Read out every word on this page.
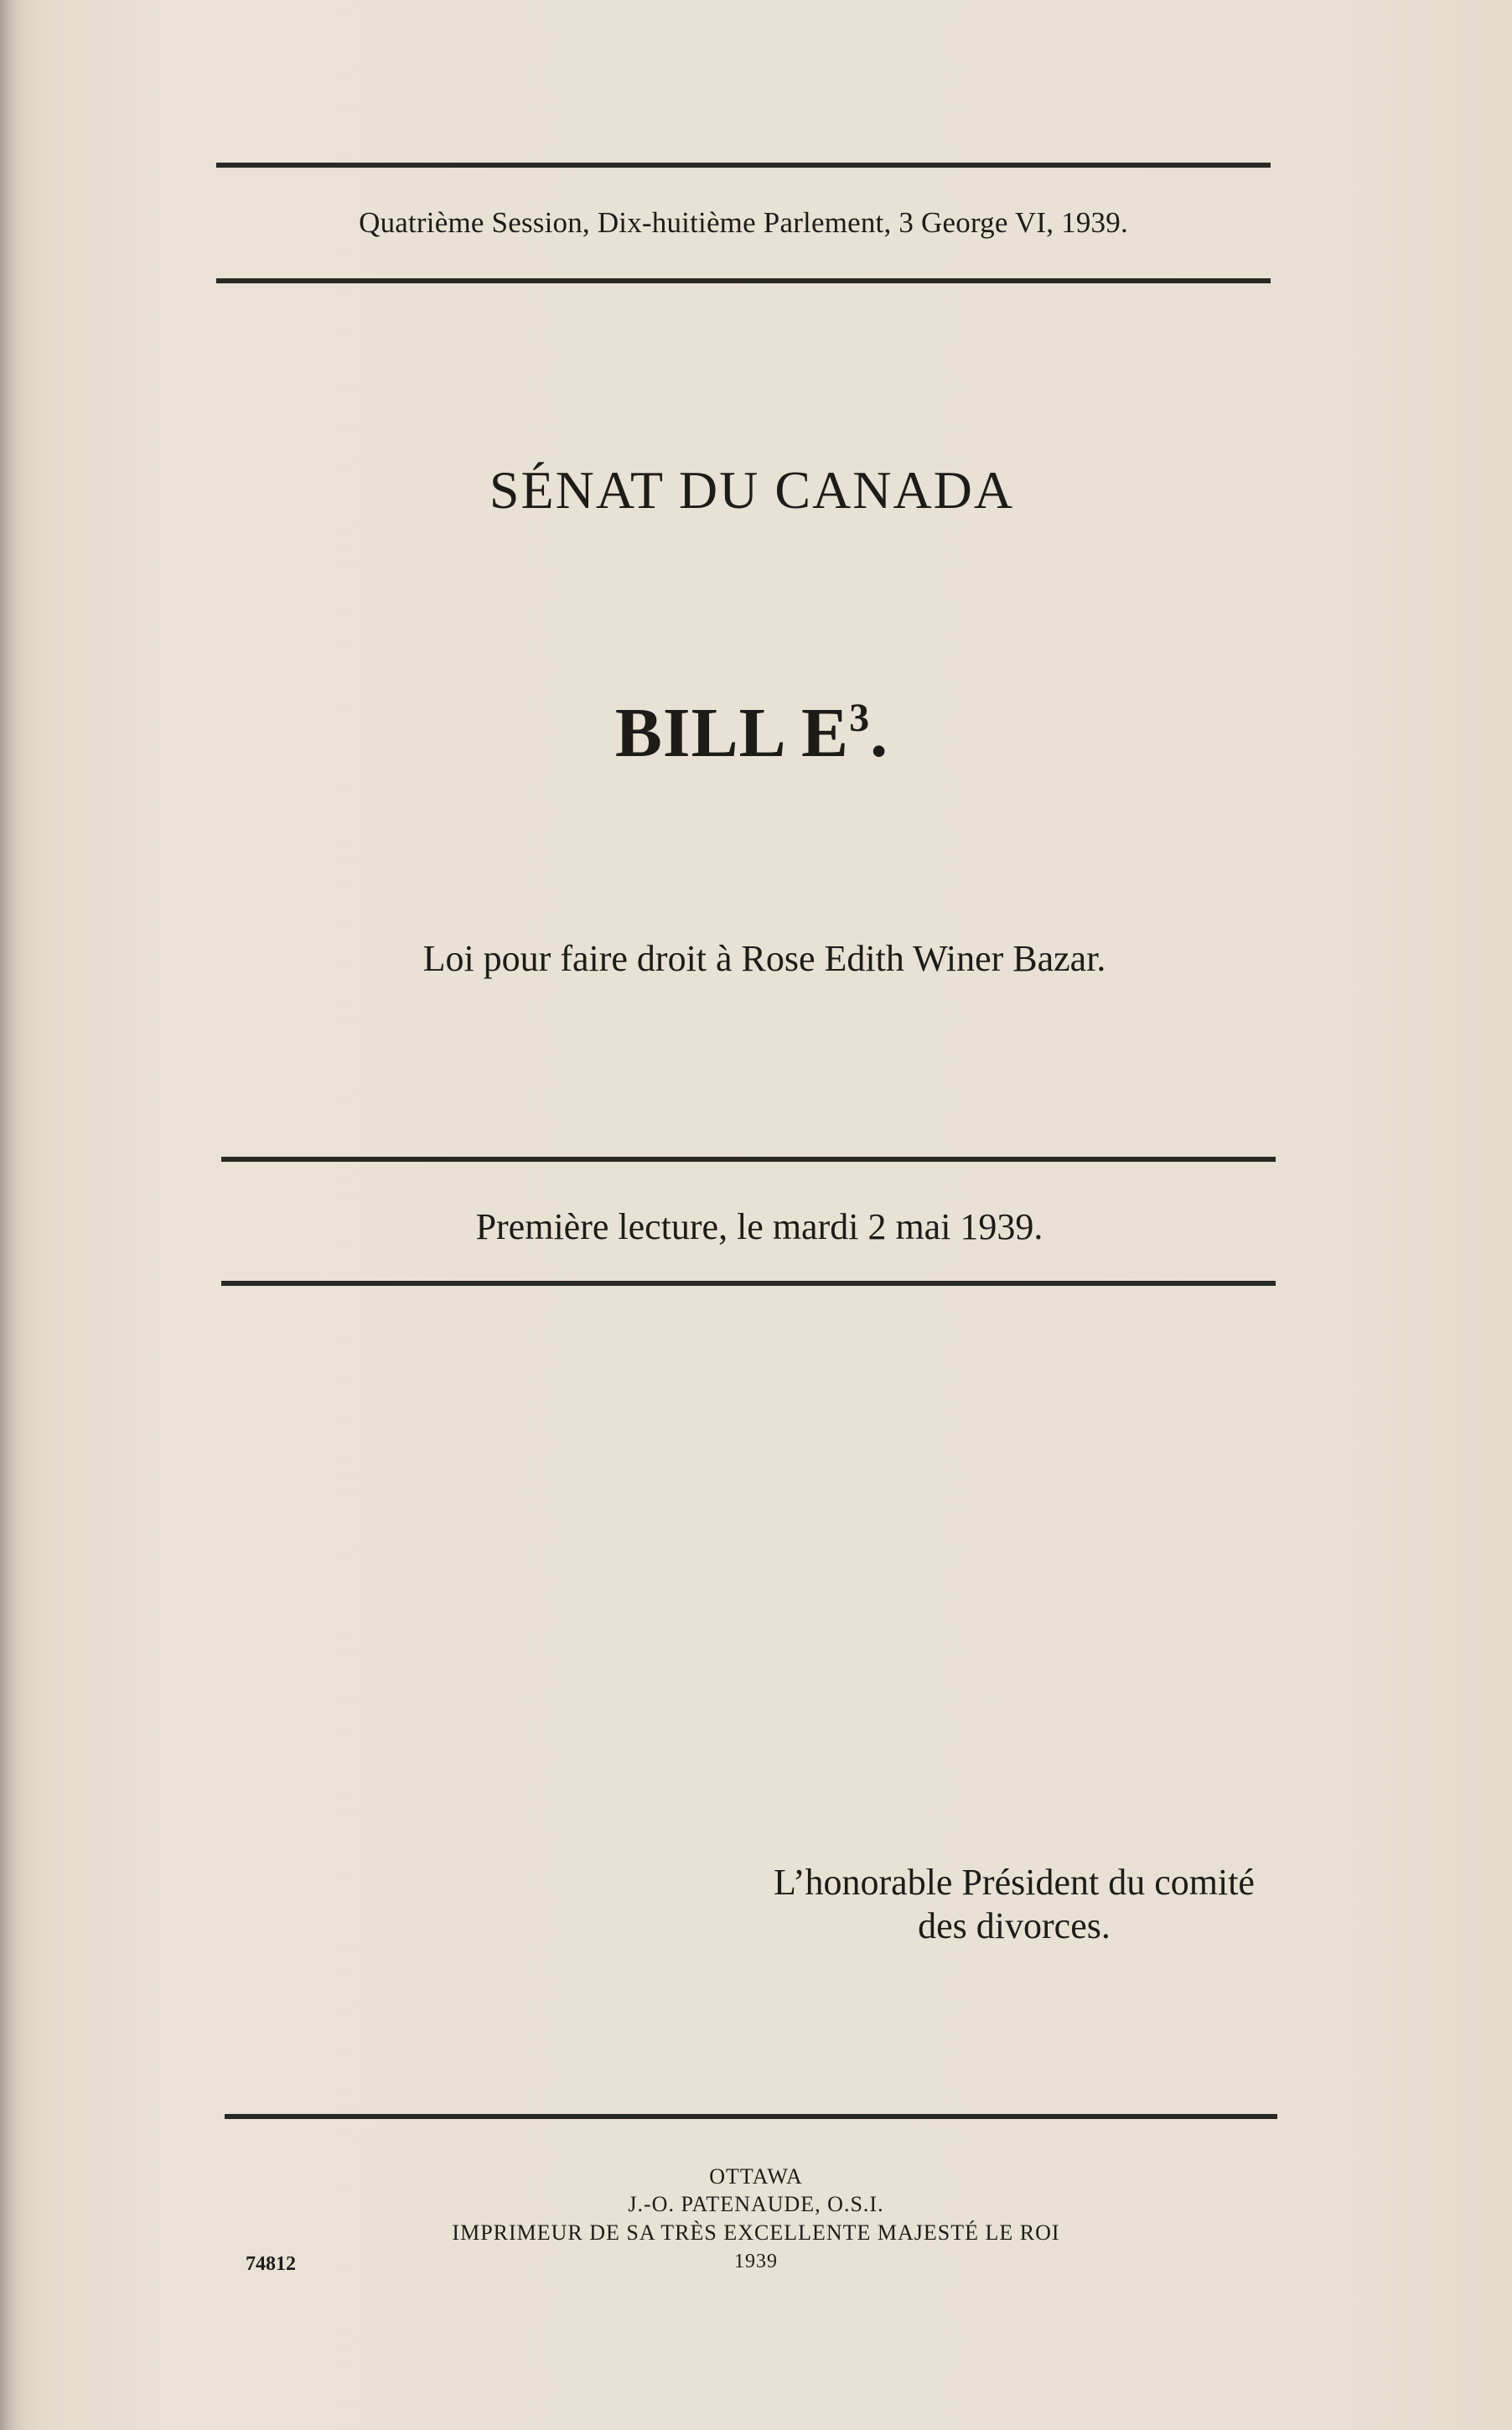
Quatrième Session, Dix-huitième Parlement, 3 George VI, 1939.
SÉNAT DU CANADA
BILL $E^3$.
Loi pour faire droit à Rose Edith Winer Bazar.
Première lecture, le mardi 2 mai 1939.
L’honorable Président du comité
des divorces.
OTTAWA
J.-O. PATENAUDE, O.S.I.
IMPRIMEUR DE SA TRÈS EXCELLENTE MAJESTÉ LE ROI
1939
74812
